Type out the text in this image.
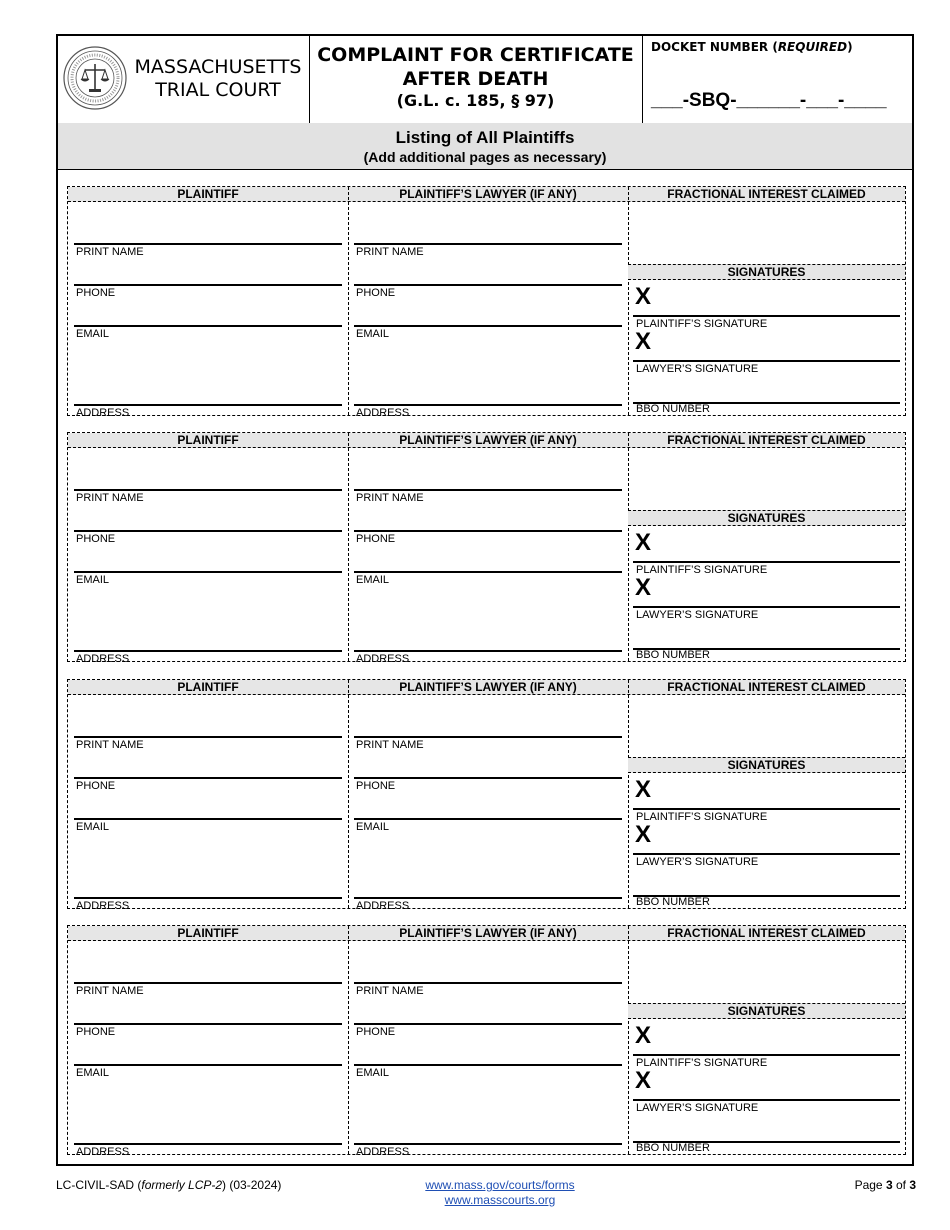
MASSACHUSETTS
TRIAL COURT
COMPLAINT FOR CERTIFICATE
AFTER DEATH
(G.L. c. 185, § 97)
DOCKET NUMBER (REQUIRED)
___-SBQ-______-___-____
Listing of All Plaintiffs
(Add additional pages as necessary)
PLAINTIFF	PLAINTIFF’S LAWYER (IF ANY)	FRACTIONAL INTEREST CLAIMED
PRINT NAME
PHONE
EMAIL
ADDRESS
PRINT NAME
PHONE
EMAIL
ADDRESS
SIGNATURES
X
PLAINTIFF’S SIGNATURE
X
LAWYER’S SIGNATURE
BBO NUMBER
PLAINTIFF	PLAINTIFF’S LAWYER (IF ANY)	FRACTIONAL INTEREST CLAIMED
PRINT NAME
PHONE
EMAIL
ADDRESS
PRINT NAME
PHONE
EMAIL
ADDRESS
SIGNATURES
X
PLAINTIFF’S SIGNATURE
X
LAWYER’S SIGNATURE
BBO NUMBER
PLAINTIFF	PLAINTIFF’S LAWYER (IF ANY)	FRACTIONAL INTEREST CLAIMED
PRINT NAME
PHONE
EMAIL
ADDRESS
PRINT NAME
PHONE
EMAIL
ADDRESS
SIGNATURES
X
PLAINTIFF’S SIGNATURE
X
LAWYER’S SIGNATURE
BBO NUMBER
PLAINTIFF	PLAINTIFF’S LAWYER (IF ANY)	FRACTIONAL INTEREST CLAIMED
PRINT NAME
PHONE
EMAIL
ADDRESS
PRINT NAME
PHONE
EMAIL
ADDRESS
SIGNATURES
X
PLAINTIFF’S SIGNATURE
X
LAWYER’S SIGNATURE
BBO NUMBER
LC-CIVIL-SAD (formerly LCP-2) (03-2024)	www.mass.gov/courts/forms
www.masscourts.org
Page 3 of 3
